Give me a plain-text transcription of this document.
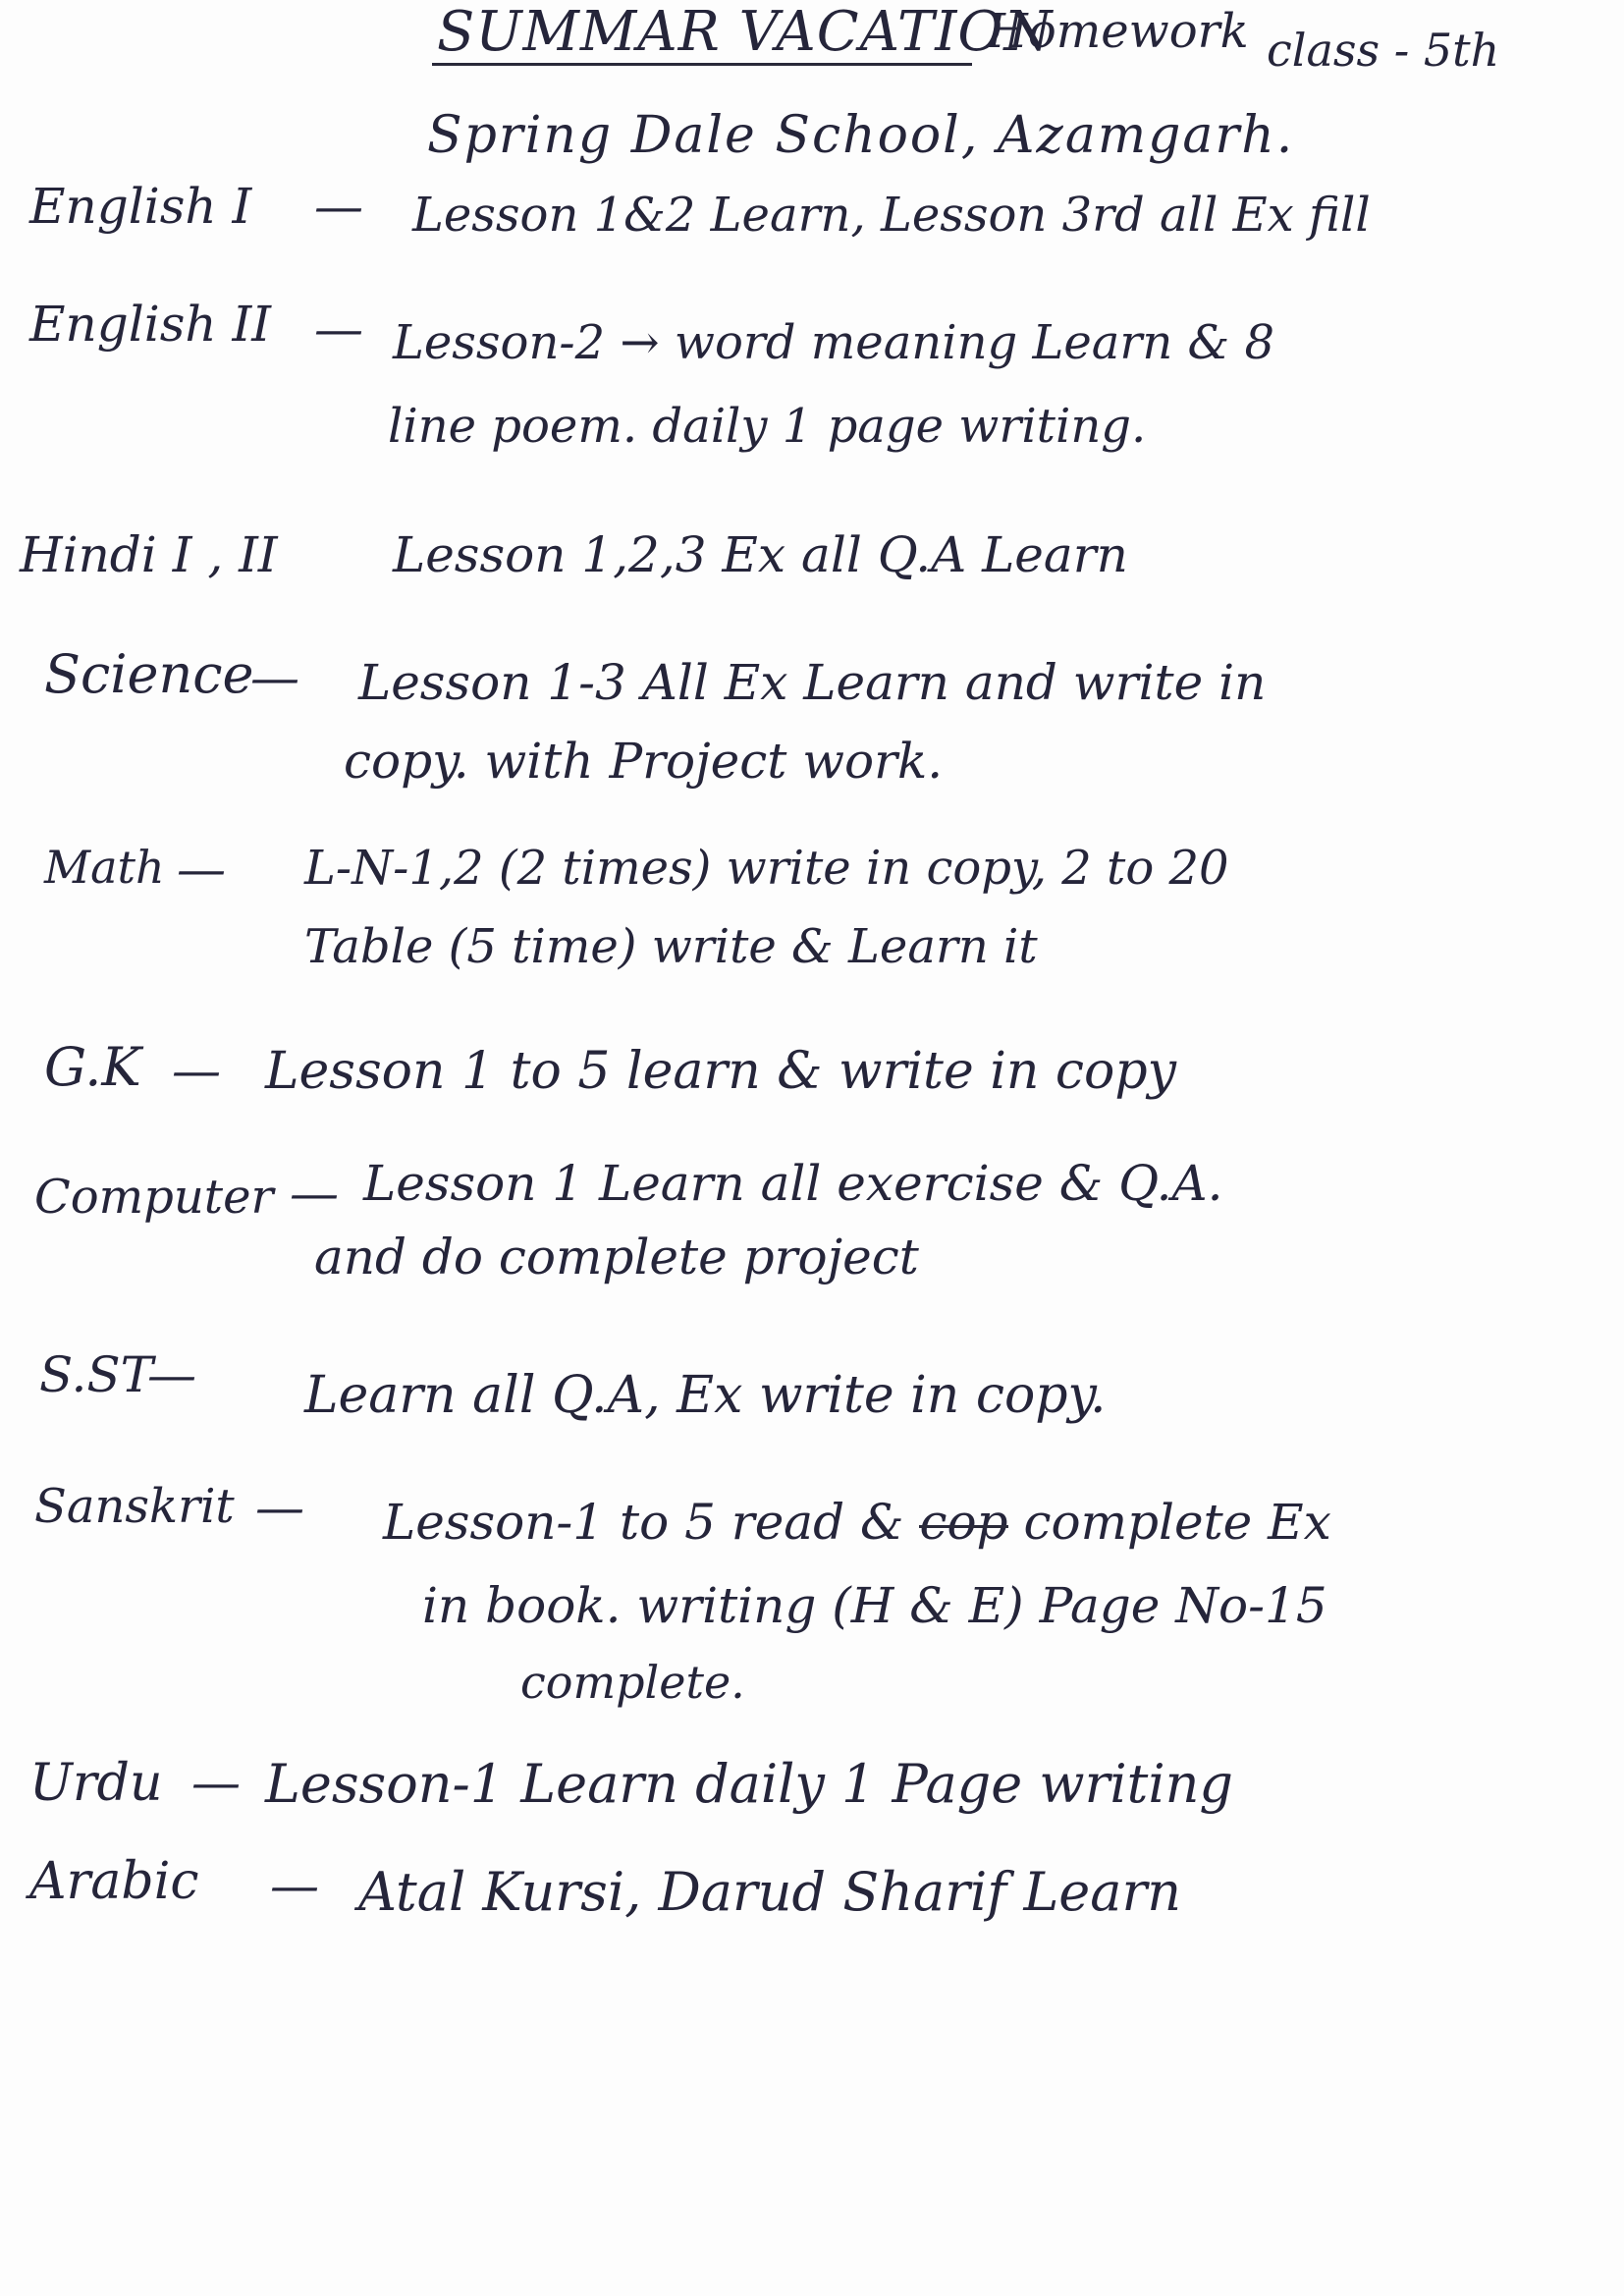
SUMMAR VACATION
Homework class - 5th
Spring Dale School, Azamgarh.
English I — Lesson 1&2 Learn, Lesson 3rd all Ex fill
English II — Lesson-2 → word meaning Learn & 8
line poem. daily 1 page writing.
Hindi I , II Lesson 1,2,3 Ex all Q.A Learn
Science
— Lesson 1-3 All Ex Learn and write in
copy. with Project work.
Math — L-N-1,2 (2 times) write in copy, 2 to 20
Table (5 time) write & Learn it
G.K — Lesson 1 to 5 learn & write in copy
Computer — Lesson 1 Learn all exercise & Q.A.
and do complete project
S.ST
— Learn all Q.A, Ex write in copy.
Sanskrit — Lesson-1 to 5 read & cop complete Ex
in book. writing (H & E) Page No-15
complete.
Urdu — Lesson-1 Learn daily 1 Page writing
Arabic — Atal Kursi, Darud Sharif Learn
